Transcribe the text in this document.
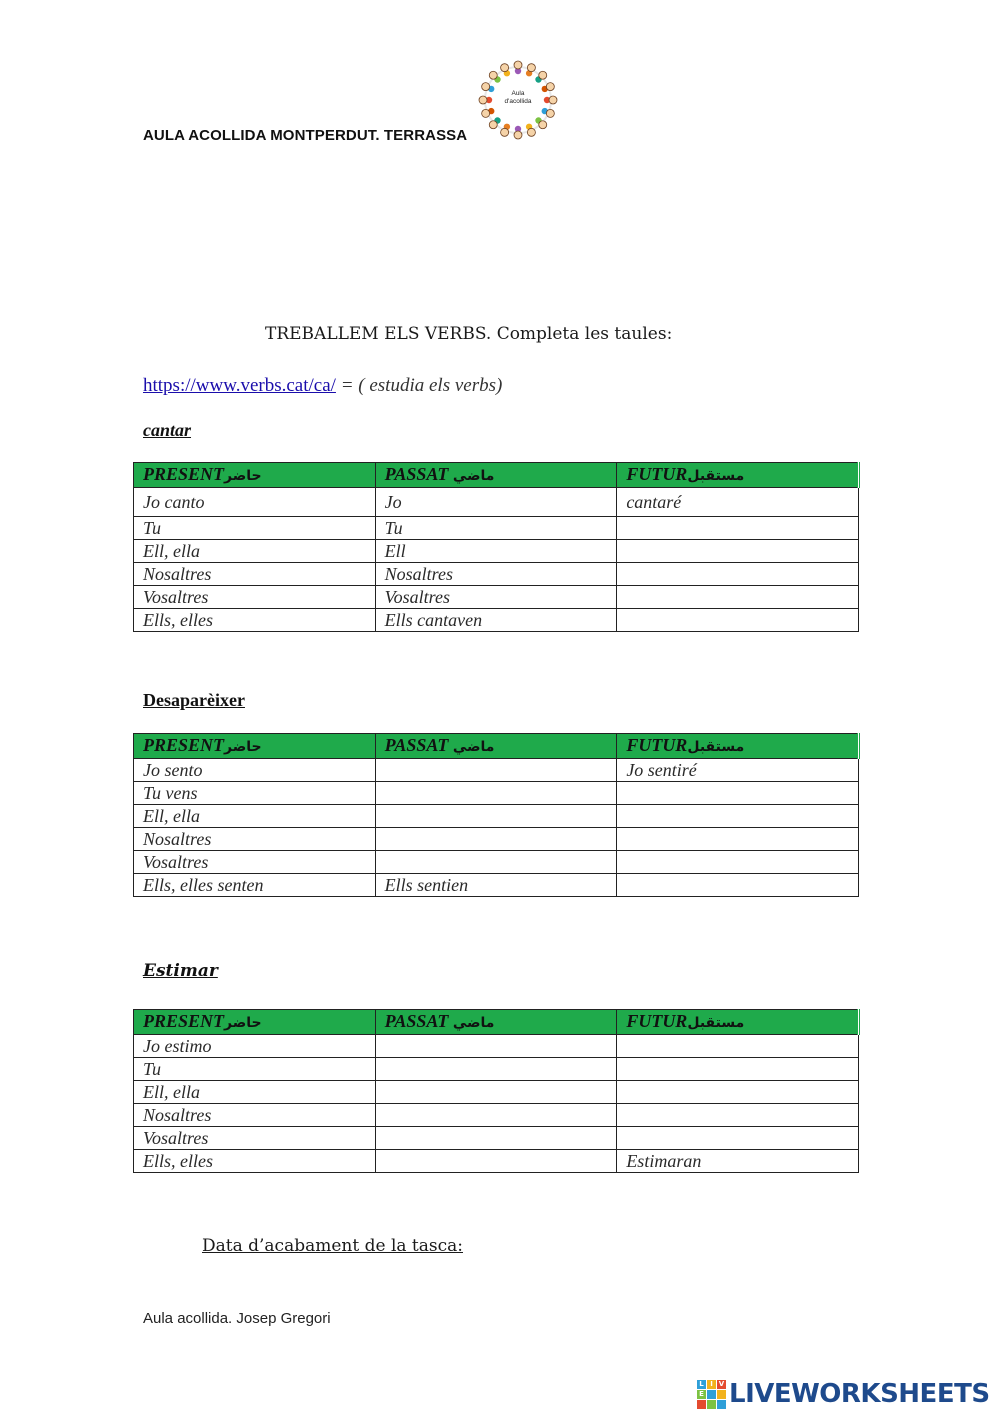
AULA ACOLLIDA MONTPERDUT. TERRASSA
Aula
d'acollida
TREBALLEM ELS VERBS. Completa les taules:
https://www.verbs.cat/ca/ = ( estudia els verbs)
cantar
PRESENTحاضر	PASSAT ماضي	FUTURمستقبل
Jo canto	Jo	cantaré
Tu	Tu	
Ell, ella	Ell	
Nosaltres	Nosaltres	
Vosaltres	Vosaltres	
Ells, elles	Ells cantaven	
Desaparèixer
PRESENTحاضر	PASSAT ماضي	FUTURمستقبل
Jo sento		Jo sentiré
Tu vens		
Ell, ella		
Nosaltres		
Vosaltres		
Ells, elles senten	Ells sentien	
Estimar
PRESENTحاضر	PASSAT ماضي	FUTURمستقبل
Jo estimo		
Tu		
Ell, ella		
Nosaltres		
Vosaltres		
Ells, elles		Estimaran
Data d’acabament de la tasca:
Aula acollida. Josep Gregori
L I V
E LIVEWORKSHEETS
